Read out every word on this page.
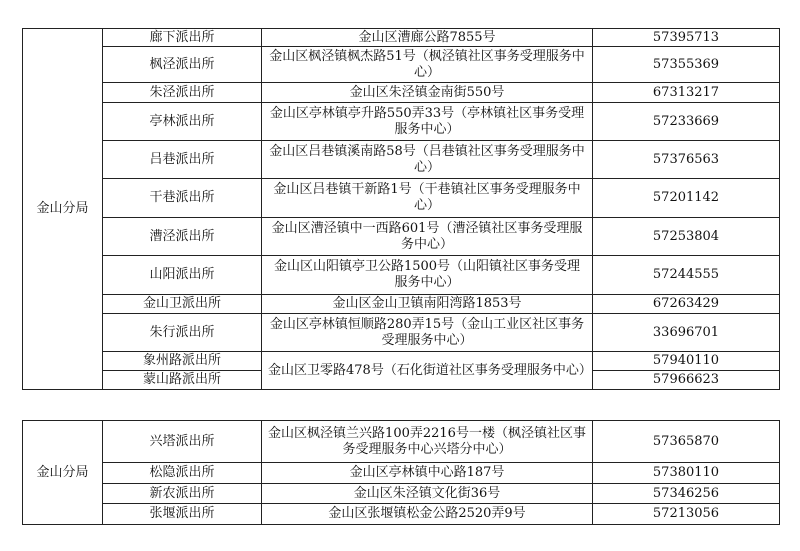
金山分局	廊下派出所	金山区漕廊公路7855号	57395713
	枫泾派出所	金山区枫泾镇枫杰路51号（枫泾镇社区事务受理服务中心）	57355369
	朱泾派出所	金山区朱泾镇金南街550号	67313217
	亭林派出所	金山区亭林镇亭升路550弄33号（亭林镇社区事务受理服务中心）	57233669
	吕巷派出所	金山区吕巷镇溪南路58号（吕巷镇社区事务受理服务中心）	57376563
	干巷派出所	金山区吕巷镇干新路1号（干巷镇社区事务受理服务中心）	57201142
	漕泾派出所	金山区漕泾镇中一西路601号（漕泾镇社区事务受理服务中心）	57253804
	山阳派出所	金山区山阳镇亭卫公路1500号（山阳镇社区事务受理服务中心）	57244555
	金山卫派出所	金山区金山卫镇南阳湾路1853号	67263429
	朱行派出所	金山区亭林镇恒顺路280弄15号（金山工业区社区事务受理服务中心）	33696701
	象州路派出所	金山区卫零路478号（石化街道社区事务受理服务中心）	57940110
	蒙山路派出所		57966623
金山分局	兴塔派出所	金山区枫泾镇兰兴路100弄2216号一楼（枫泾镇社区事务受理服务中心兴塔分中心）	57365870
	松隐派出所	金山区亭林镇中心路187号	57380110
	新农派出所	金山区朱泾镇文化街36号	57346256
	张堰派出所	金山区张堰镇松金公路2520弄9号	57213056
